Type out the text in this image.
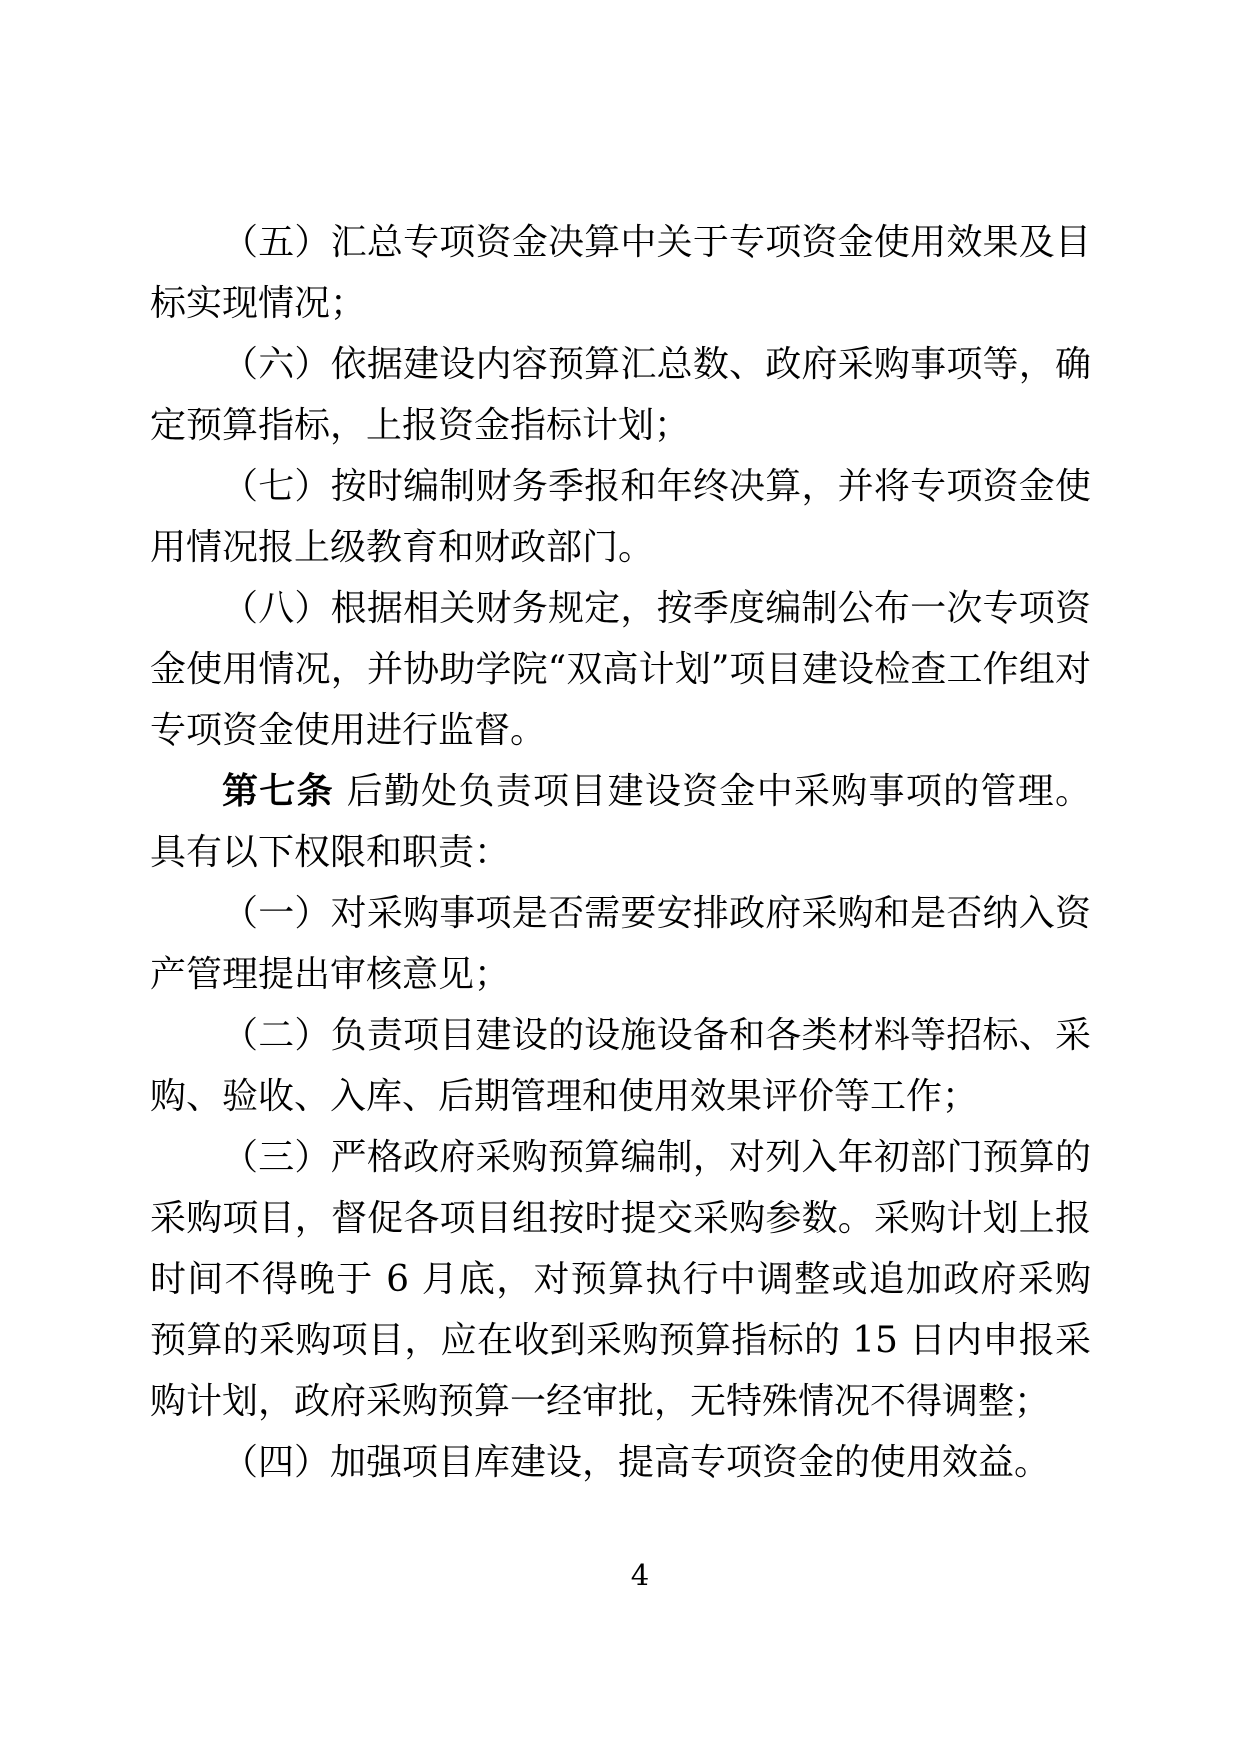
（五）汇总专项资金决算中关于专项资金使用效果及目标实现情况；

（六）依据建设内容预算汇总数、政府采购事项等，确定预算指标，上报资金指标计划；

（七）按时编制财务季报和年终决算，并将专项资金使用情况报上级教育和财政部门。

（八）根据相关财务规定，按季度编制公布一次专项资金使用情况，并协助学院“双高计划”项目建设检查工作组对专项资金使用进行监督。

第七条 后勤处负责项目建设资金中采购事项的管理。具有以下权限和职责：

（一）对采购事项是否需要安排政府采购和是否纳入资产管理提出审核意见；

（二）负责项目建设的设施设备和各类材料等招标、采购、验收、入库、后期管理和使用效果评价等工作；

（三）严格政府采购预算编制，对列入年初部门预算的采购项目，督促各项目组按时提交采购参数。采购计划上报时间不得晚于 6 月底，对预算执行中调整或追加政府采购预算的采购项目，应在收到采购预算指标的 15 日内申报采购计划，政府采购预算一经审批，无特殊情况不得调整；

（四）加强项目库建设，提高专项资金的使用效益。

4
